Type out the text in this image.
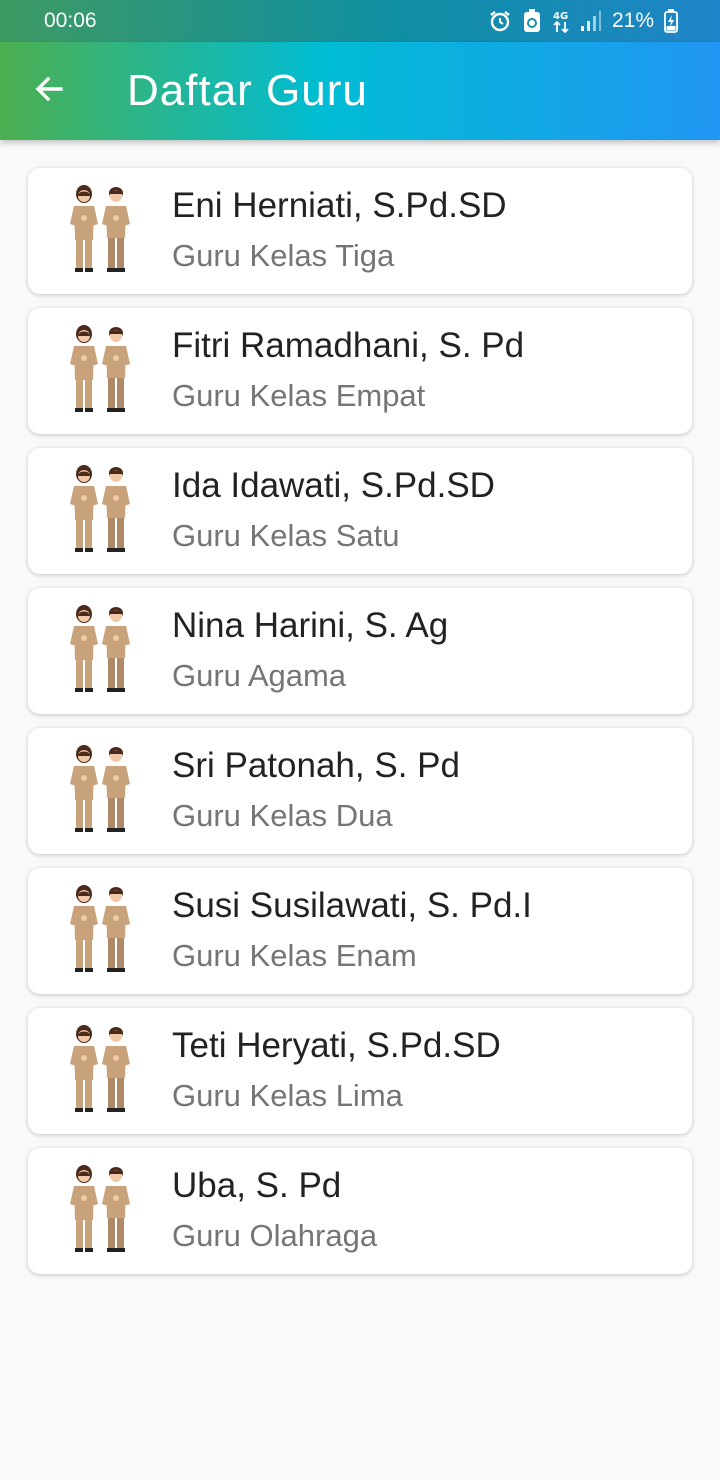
00:06	4G 21%
Daftar Guru
Eni Herniati, S.Pd.SD
Guru Kelas Tiga
Fitri Ramadhani, S. Pd
Guru Kelas Empat
Ida Idawati, S.Pd.SD
Guru Kelas Satu
Nina Harini, S. Ag
Guru Agama
Sri Patonah, S. Pd
Guru Kelas Dua
Susi Susilawati, S. Pd.I
Guru Kelas Enam
Teti Heryati, S.Pd.SD
Guru Kelas Lima
Uba, S. Pd
Guru Olahraga
